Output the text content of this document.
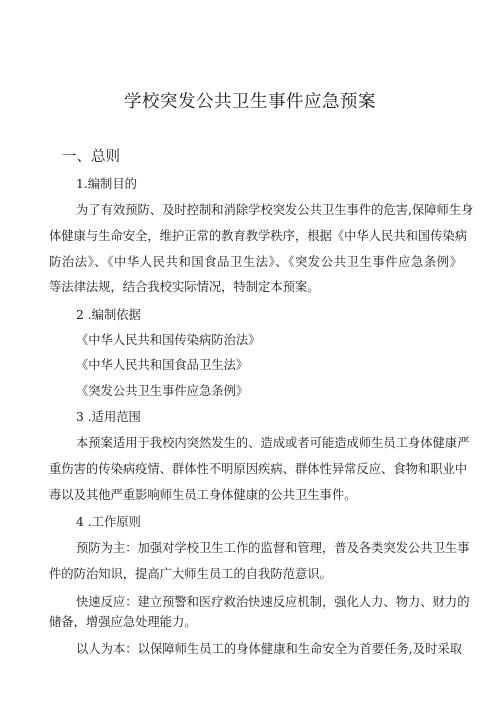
学校突发公共卫生事件应急预案
一、总则
1.编制目的
为了有效预防、及时控制和消除学校突发公共卫生事件的危害,保障师生身
体健康与生命安全，维护正常的教育教学秩序，根据《中华人民共和国传染病
防治法》、《中华人民共和国食品卫生法》、《突发公共卫生事件应急条例》
等法律法规，结合我校实际情况，特制定本预案。
2 .编制依据
《中华人民共和国传染病防治法》
《中华人民共和国食品卫生法》
《突发公共卫生事件应急条例》
3 .适用范围
本预案适用于我校内突然发生的、造成或者可能造成师生员工身体健康严
重伤害的传染病疫情、群体性不明原因疾病、群体性异常反应、食物和职业中
毒以及其他严重影响师生员工身体健康的公共卫生事件。
4 .工作原则
预防为主：加强对学校卫生工作的监督和管理，普及各类突发公共卫生事
件的防治知识，提高广大师生员工的自我防范意识。
快速反应：建立预警和医疗救治快速反应机制，强化人力、物力、财力的
储备，增强应急处理能力。
以人为本：以保障师生员工的身体健康和生命安全为首要任务,及时采取
